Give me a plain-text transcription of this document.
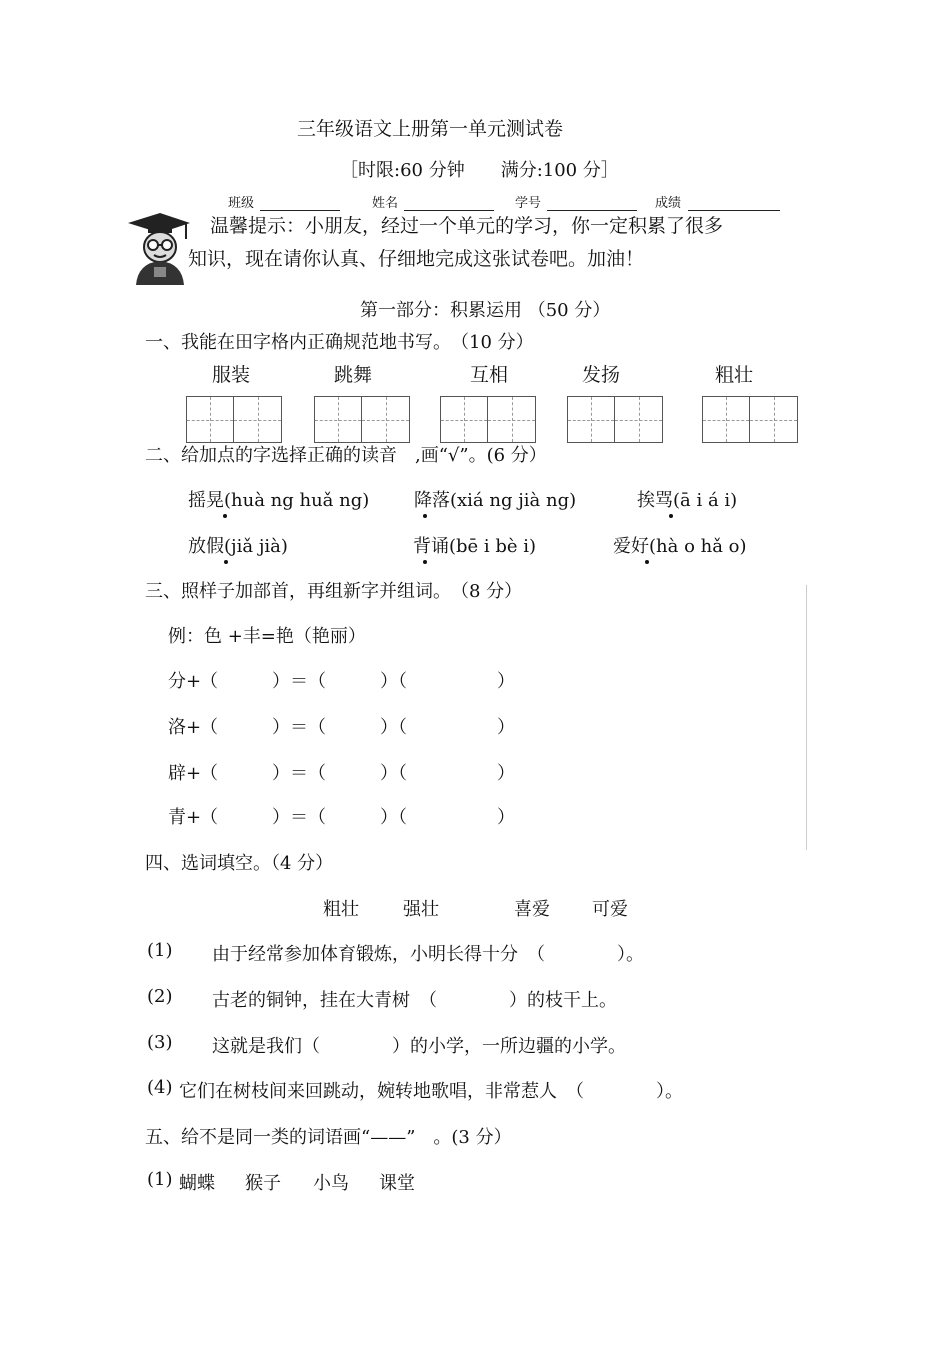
三年级语文上册第一单元测试卷
［时限:60 分钟　　满分:100 分］
班级	姓名	学号	成绩
温馨提示：小朋友，经过一个单元的学习，你一定积累了很多
知识，现在请你认真、仔细地完成这张试卷吧。加油！
第一部分：积累运用 （50 分）
一、我能在田字格内正确规范地书写。　（10 分）
服装	跳舞	互相	发扬	粗壮
二、给加点的字选择正确的读音　,画“√”。(6 分）
摇晃(huà ng huǎ ng) 降落(xiá ng jià ng)	挨骂(ā i á i)
放假(jiǎ jià)	背诵(bē i bè i)	爱好(hà o hǎ o)
三、照样子加部首，再组新字并组词。　（8 分）
例：色 +丰=艳（艳丽）
分+
（　　　）＝（　　　）（　　　　　）
洛+
（　　　）＝（　　　）（　　　　　）
辟+
（　　　）＝（　　　）（　　　　　）
青+
（　　　）＝（　　　）（　　　　　）
四、选词填空。（4 分）
粗壮 强壮	喜爱 可爱
(1) 由于经常参加体育锻炼，小明长得十分　（　　　　）。
(2) 古老的铜钟，挂在大青树　（　　　　）的枝干上。
(3) 这就是我们（　　　　）的小学，一所边疆的小学。
(4) 它们在树枝间来回跳动，婉转地歌唱，非常惹人　（　　　　）。
五、给不是同一类的词语画“——”　。(3 分）
(1) 蝴蝶 猴子 小鸟 课堂
